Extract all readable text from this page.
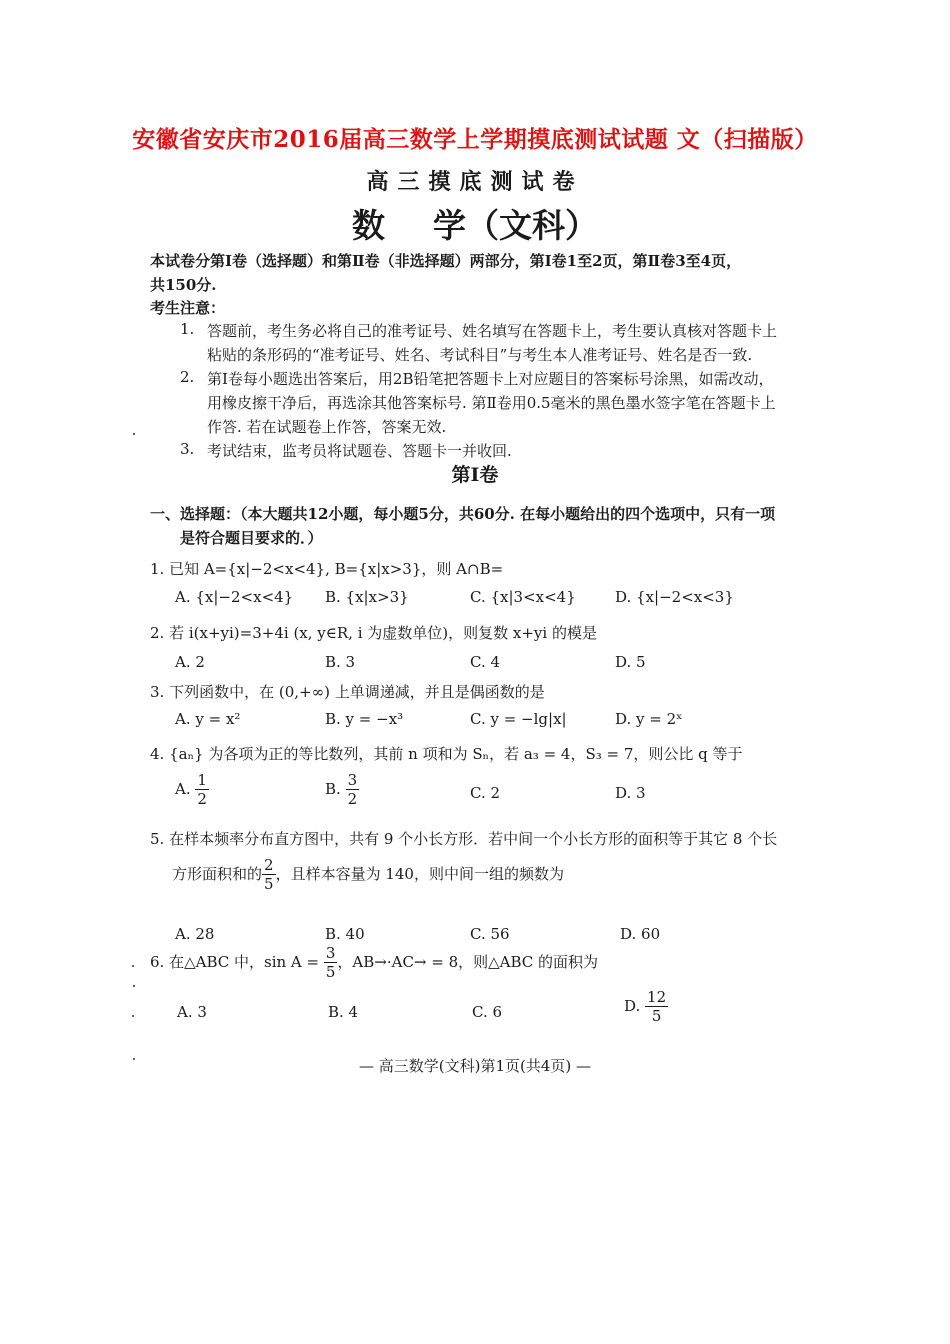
安徽省安庆市2016届高三数学上学期摸底测试试题 文（扫描版）
高三摸底测试卷
数 学（文科）
本试卷分第Ⅰ卷（选择题）和第Ⅱ卷（非选择题）两部分，第Ⅰ卷1至2页，第Ⅱ卷3至4页，
共150分.
考生注意：
1. 答题前，考生务必将自己的准考证号、姓名填写在答题卡上，考生要认真核对答题卡上
粘贴的条形码的“准考证号、姓名、考试科目”与考生本人准考证号、姓名是否一致.
2. 第Ⅰ卷每小题选出答案后，用2B铅笔把答题卡上对应题目的答案标号涂黑，如需改动，
用橡皮擦干净后，再选涂其他答案标号. 第Ⅱ卷用0.5毫米的黑色墨水签字笔在答题卡上
作答. 若在试题卷上作答，答案无效.
3. 考试结束，监考员将试题卷、答题卡一并收回.
第Ⅰ卷
一、选择题：（本大题共12小题，每小题5分，共60分. 在每小题给出的四个选项中，只有一项
是符合题目要求的．）
1. 已知 A={x|−2<x<4}, B={x|x>3}，则 A∩B=
A. {x|−2<x<4} B. {x|x>3}	C. {x|3<x<4}	D. {x|−2<x<3}
2. 若 i(x+yi)=3+4i (x, y∈R, i 为虚数单位)，则复数 x+yi 的模是
A. 2	B. 3	C. 4	D. 5
3. 下列函数中，在 (0,+∞) 上单调递减，并且是偶函数的是
A. y = x²	B. y = −x³	C. y = −lg|x|	D. y = 2ˣ
4. {aₙ} 为各项为正的等比数列，其前 n 项和为 Sₙ，若 a₃ = 4，S₃ = 7，则公比 q 等于
A. $\frac{1}{2}$	B. $\frac{3}{2}$	C. 2	D. 3
5. 在样本频率分布直方图中，共有 9 个小长方形．若中间一个小长方形的面积等于其它 8 个长
方形面积和的 $\frac{2}{5}$ ，且样本容量为 140，则中间一组的频数为
A. 28	B. 40	C. 56	D. 60
6. 在△ABC 中，$\sin A = \frac{3}{5}$ ，AB→·AC→ = 8，则△ABC 的面积为
A. 3	B. 4	C. 6	D. $\frac{12}{5}$
— 高三数学(文科)第1页(共4页) —
